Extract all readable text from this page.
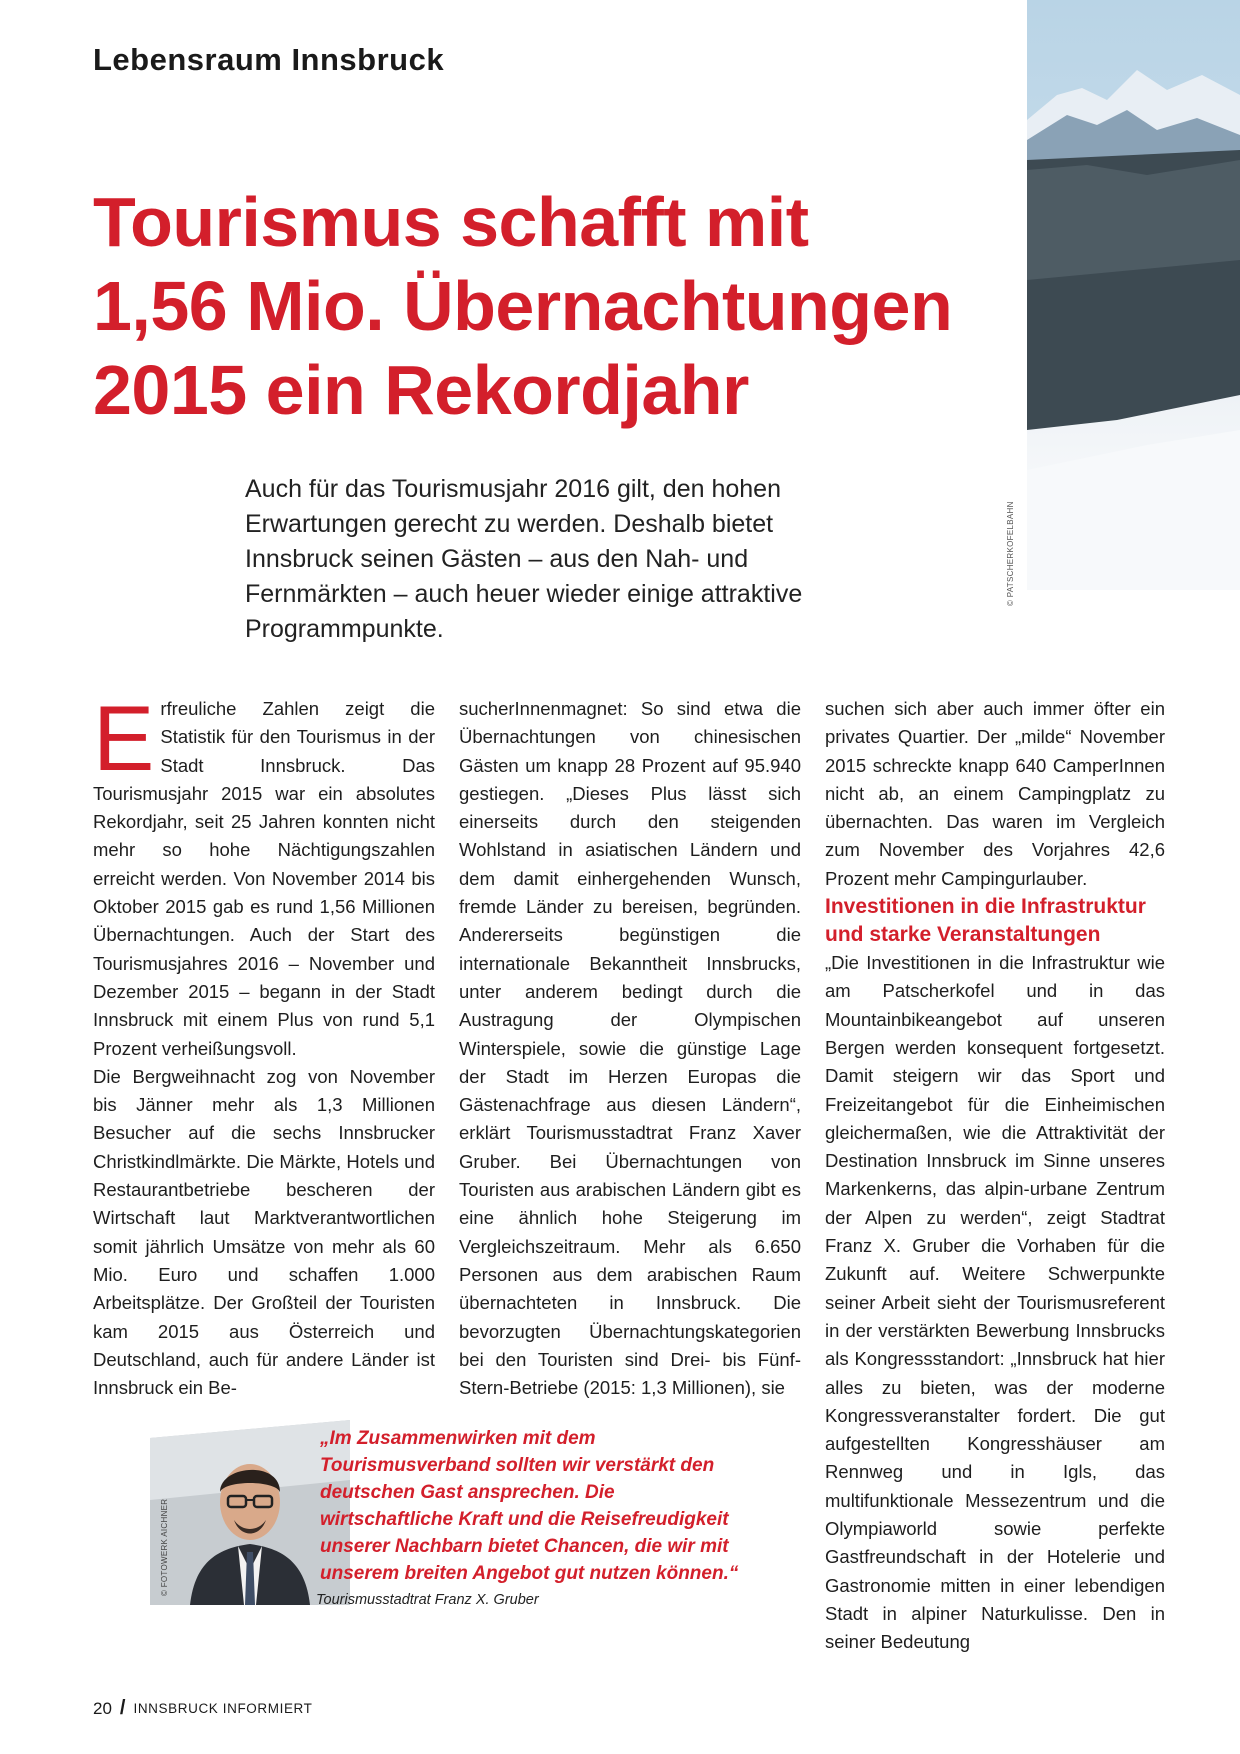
Lebensraum Innsbruck
© PATSCHERKOFELBAHN
Tourismus schafft mit
1,56 Mio. Übernachtungen
2015 ein Rekordjahr

Auch für das Tourismusjahr 2016 gilt, den hohen Erwartungen gerecht zu werden. Deshalb bietet Innsbruck seinen Gästen – aus den Nah- und Fernmärkten – auch heuer wieder einige attraktive Programmpunkte.

Erfreuliche Zahlen zeigt die Statistik für den Tourismus in der Stadt Innsbruck. Das Tourismusjahr 2015 war ein absolutes Rekordjahr, seit 25 Jahren konnten nicht mehr so hohe Nächtigungszahlen erreicht werden. Von November 2014 bis Oktober 2015 gab es rund 1,56 Millionen Übernachtungen. Auch der Start des Tourismusjahres 2016 – November und Dezember 2015 – begann in der Stadt Innsbruck mit einem Plus von rund 5,1 Prozent verheißungsvoll.

Die Bergweihnacht zog von November bis Jänner mehr als 1,3 Millionen Besucher auf die sechs Innsbrucker Christkindlmärkte. Die Märkte, Hotels und Restaurantbetriebe bescheren der Wirtschaft laut Marktverantwortlichen somit jährlich Umsätze von mehr als 60 Mio. Euro und schaffen 1.000 Arbeitsplätze. Der Großteil der Touristen kam 2015 aus Österreich und Deutschland, auch für andere Länder ist Innsbruck ein Be-

sucherInnenmagnet: So sind etwa die Übernachtungen von chinesischen Gästen um knapp 28 Prozent auf 95.940 gestiegen. „Dieses Plus lässt sich einerseits durch den steigenden Wohlstand in asiatischen Ländern und dem damit einhergehenden Wunsch, fremde Länder zu bereisen, begründen. Andererseits begünstigen die internationale Bekanntheit Innsbrucks, unter anderem bedingt durch die Austragung der Olympischen Winterspiele, sowie die günstige Lage der Stadt im Herzen Europas die Gästenachfrage aus diesen Ländern“, erklärt Tourismusstadtrat Franz Xaver Gruber. Bei Übernachtungen von Touristen aus arabischen Ländern gibt es eine ähnlich hohe Steigerung im Vergleichszeitraum. Mehr als 6.650 Personen aus dem arabischen Raum übernachteten in Innsbruck. Die bevorzugten Übernachtungskategorien bei den Touristen sind Drei- bis Fünf-Stern-Betriebe (2015: 1,3 Millionen), sie

suchen sich aber auch immer öfter ein privates Quartier. Der „milde“ November 2015 schreckte knapp 640 CamperInnen nicht ab, an einem Campingplatz zu übernachten. Das waren im Vergleich zum November des Vorjahres 42,6 Prozent mehr Campingurlauber.

Investitionen in die Infrastruktur und starke Veranstaltungen

„Die Investitionen in die Infrastruktur wie am Patscherkofel und in das Mountainbikeangebot auf unseren Bergen werden konsequent fortgesetzt. Damit steigern wir das Sport und Freizeitangebot für die Einheimischen gleichermaßen, wie die Attraktivität der Destination Innsbruck im Sinne unseres Markenkerns, das alpin-urbane Zentrum der Alpen zu werden“, zeigt Stadtrat Franz X. Gruber die Vorhaben für die Zukunft auf. Weitere Schwerpunkte seiner Arbeit sieht der Tourismusreferent in der verstärkten Bewerbung Innsbrucks als Kongressstandort: „Innsbruck hat hier alles zu bieten, was der moderne Kongressveranstalter fordert. Die gut aufgestellten Kongresshäuser am Rennweg und in Igls, das multifunktionale Messezentrum und die Olympiaworld sowie perfekte Gastfreundschaft in der Hotelerie und Gastronomie mitten in einer lebendigen Stadt in alpiner Naturkulisse. Den in seiner Bedeutung

© FOTOWERK AICHNER

„Im Zusammenwirken mit dem Tourismusverband sollten wir verstärkt den deutschen Gast ansprechen. Die wirtschaftliche Kraft und die Reisefreudigkeit unserer Nachbarn bietet Chancen, die wir mit unserem breiten Angebot gut nutzen können.“

Tourismusstadtrat Franz X. Gruber
20 / INNSBRUCK INFORMIERT
